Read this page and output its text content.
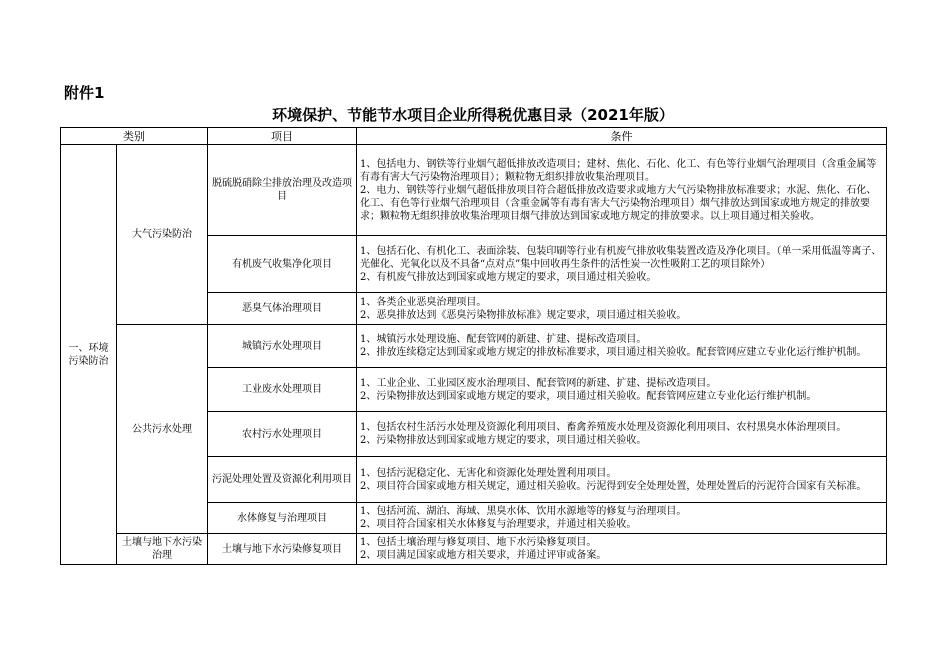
附件1
环境保护、节能节水项目企业所得税优惠目录（2021年版）
类别		项目	条件
一、环境污染防治	大气污染防治	脱硫脱硝除尘排放治理及改造项目	1、包括电力、钢铁等行业烟气超低排放改造项目；建材、焦化、石化、化工、有色等行业烟气治理项目（含重金属等有毒有害大气污染物治理项目）；颗粒物无组织排放收集治理项目。
2、电力、钢铁等行业烟气超低排放项目符合超低排放改造要求或地方大气污染物排放标准要求；水泥、焦化、石化、化工、有色等行业烟气治理项目（含重金属等有毒有害大气污染物治理项目）烟气排放达到国家或地方规定的排放要求；颗粒物无组织排放收集治理项目烟气排放达到国家或地方规定的排放要求。以上项目通过相关验收。
		有机废气收集净化项目	1、包括石化、有机化工、表面涂装、包装印刷等行业有机废气排放收集装置改造及净化项目。（单一采用低温等离子、光催化、光氧化以及不具备“点对点”集中回收再生条件的活性炭一次性吸附工艺的项目除外）
2、有机废气排放达到国家或地方规定的要求，项目通过相关验收。
		恶臭气体治理项目	1、各类企业恶臭治理项目。
2、恶臭排放达到《恶臭污染物排放标准》规定要求，项目通过相关验收。
	公共污水处理	城镇污水处理项目	1、城镇污水处理设施、配套管网的新建、扩建、提标改造项目。
2、排放连续稳定达到国家或地方规定的排放标准要求，项目通过相关验收。配套管网应建立专业化运行维护机制。
		工业废水处理项目	1、工业企业、工业园区废水治理项目、配套管网的新建、扩建、提标改造项目。
2、污染物排放达到国家或地方规定的要求，项目通过相关验收。配套管网应建立专业化运行维护机制。
		农村污水处理项目	1、包括农村生活污水处理及资源化利用项目、畜禽养殖废水处理及资源化利用项目、农村黑臭水体治理项目。
2、污染物排放达到国家或地方规定的要求，项目通过相关验收。
		污泥处理处置及资源化利用项目	1、包括污泥稳定化、无害化和资源化处理处置利用项目。
2、项目符合国家或地方相关规定，通过相关验收。污泥得到安全处理处置，处理处置后的污泥符合国家有关标准。
		水体修复与治理项目	1、包括河流、湖泊、海域、黑臭水体、饮用水源地等的修复与治理项目。
2、项目符合国家相关水体修复与治理要求，并通过相关验收。
	土壤与地下水污染治理	土壤与地下水污染修复项目	1、包括土壤治理与修复项目、地下水污染修复项目。
2、项目满足国家或地方相关要求，并通过评审或备案。
